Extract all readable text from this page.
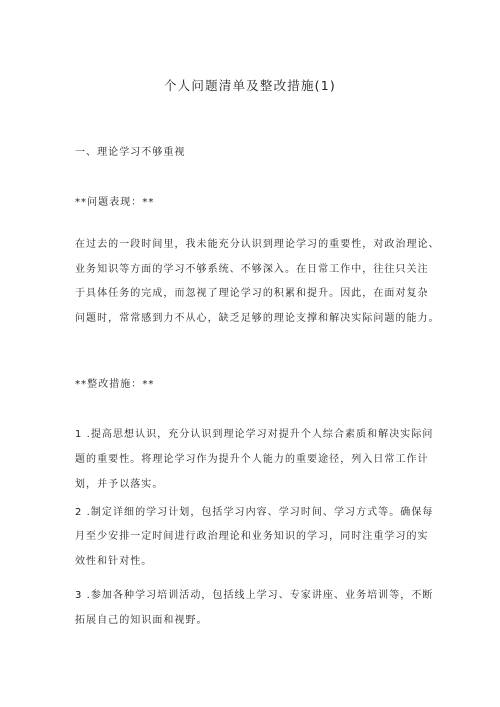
个人问题清单及整改措施(1)
一、理论学习不够重视
**问题表现：**
在过去的一段时间里，我未能充分认识到理论学习的重要性，对政治理论、
业务知识等方面的学习不够系统、不够深入。在日常工作中，往往只关注
于具体任务的完成，而忽视了理论学习的积累和提升。因此，在面对复杂
问题时，常常感到力不从心，缺乏足够的理论支撑和解决实际问题的能力。
**整改措施：**
1 .提高思想认识，充分认识到理论学习对提升个人综合素质和解决实际问
题的重要性。将理论学习作为提升个人能力的重要途径，列入日常工作计
划，并予以落实。
2 .制定详细的学习计划，包括学习内容、学习时间、学习方式等。确保每
月至少安排一定时间进行政治理论和业务知识的学习，同时注重学习的实
效性和针对性。
3 .参加各种学习培训活动，包括线上学习、专家讲座、业务培训等，不断
拓展自己的知识面和视野。
